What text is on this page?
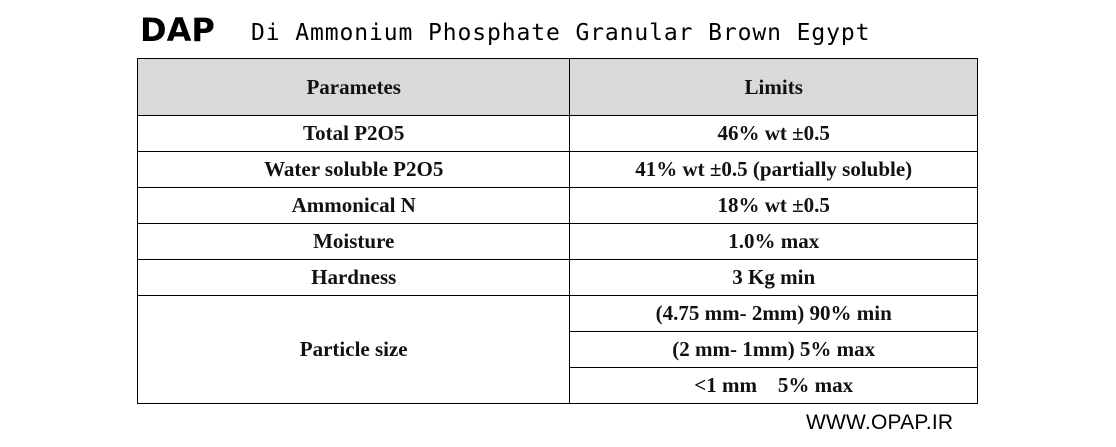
DAP Di Ammonium Phosphate Granular Brown Egypt
Parametes	Limits
Total P2O5	46% wt ±0.5
Water soluble P2O5	41% wt ±0.5 (partially soluble)
Ammonical N	18% wt ±0.5
Moisture	1.0% max
Hardness	3 Kg min
Particle size	(4.75 mm- 2mm) 90% min
	(2 mm- 1mm) 5% max
	<1 mm    5% max
WWW.OPAP.IR
